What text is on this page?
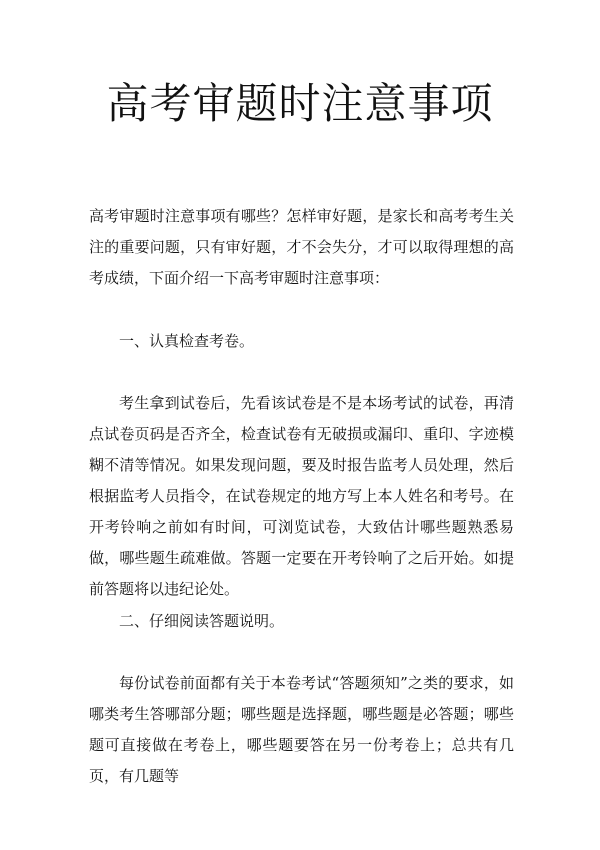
高考审题时注意事项

高考审题时注意事项有哪些？怎样审好题，是家长和高考考生关注的重要问题，只有审好题，才不会失分，才可以取得理想的高考成绩，下面介绍一下高考审题时注意事项：

一、认真检查考卷。

考生拿到试卷后，先看该试卷是不是本场考试的试卷，再清点试卷页码是否齐全，检查试卷有无破损或漏印、重印、字迹模糊不清等情况。如果发现问题，要及时报告监考人员处理，然后根据监考人员指令，在试卷规定的地方写上本人姓名和考号。在开考铃响之前如有时间，可浏览试卷，大致估计哪些题熟悉易做，哪些题生疏难做。答题一定要在开考铃响了之后开始。如提前答题将以违纪论处。

二、仔细阅读答题说明。

每份试卷前面都有关于本卷考试“答题须知”之类的要求，如哪类考生答哪部分题；哪些题是选择题，哪些题是必答题；哪些题可直接做在考卷上，哪些题要答在另一份考卷上；总共有几页，有几题等
